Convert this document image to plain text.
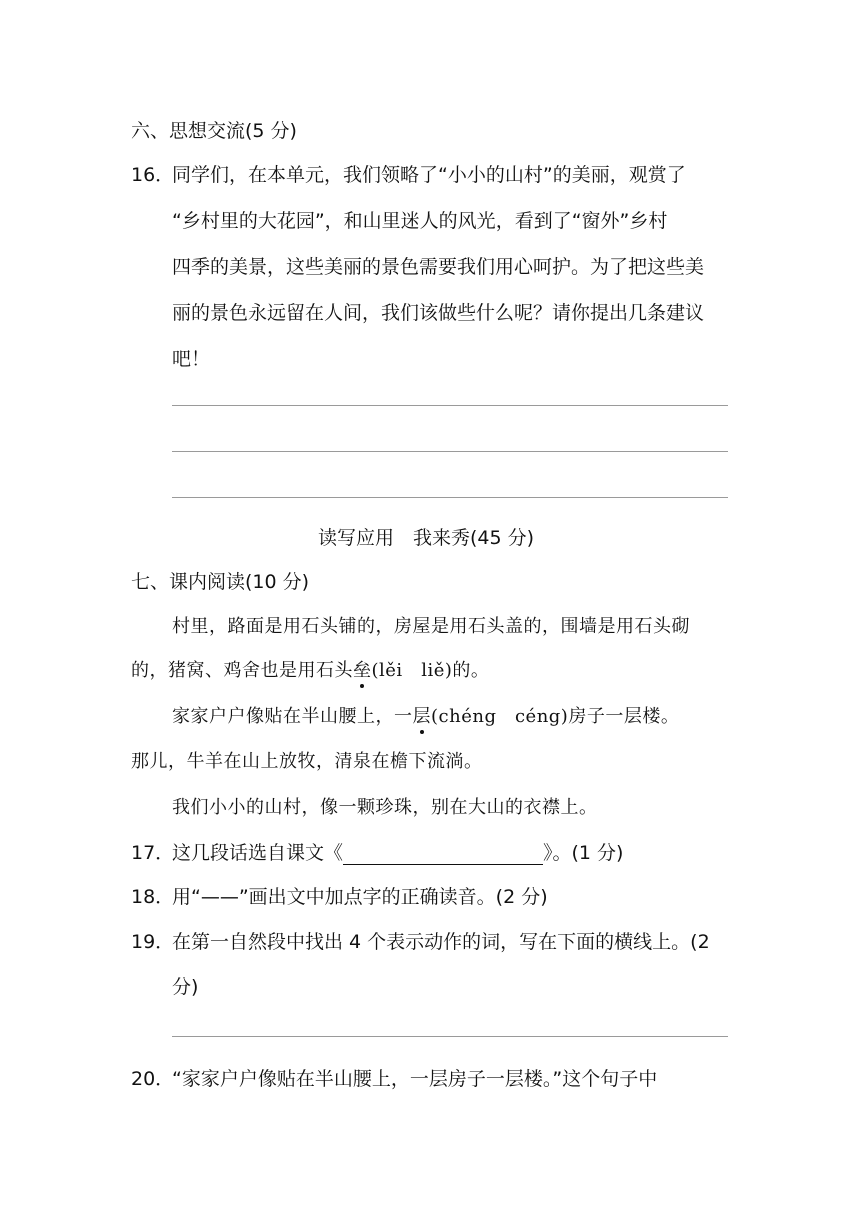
六、思想交流(5 分)
16．
同学们，在本单元，我们领略了“小小的山村”的美丽，观赏了
“乡村里的大花园”，和山里迷人的风光，看到了“窗外”乡村
四季的美景，这些美丽的景色需要我们用心呵护。为了把这些美
丽的景色永远留在人间，我们该做些什么呢？请你提出几条建议
吧！
读写应用　我来秀(45 分)
七、课内阅读(10 分)
村里，路面是用石头铺的，房屋是用石头盖的，围墙是用石头砌
的，猪窝、鸡舍也是用石头垒(lěi　liě)的。
家家户户像贴在半山腰上，一层(chéng　céng)房子一层楼。
那儿，牛羊在山上放牧，清泉在檐下流淌。
我们小小的山村，像一颗珍珠，别在大山的衣襟上。
17．
这几段话选自课文《	》。(1 分)
18．
用“——”画出文中加点字的正确读音。(2 分)
19．
在第一自然段中找出 4 个表示动作的词，写在下面的横线上。(2
分)
20．
“家家户户像贴在半山腰上，一层房子一层楼。”这个句子中
